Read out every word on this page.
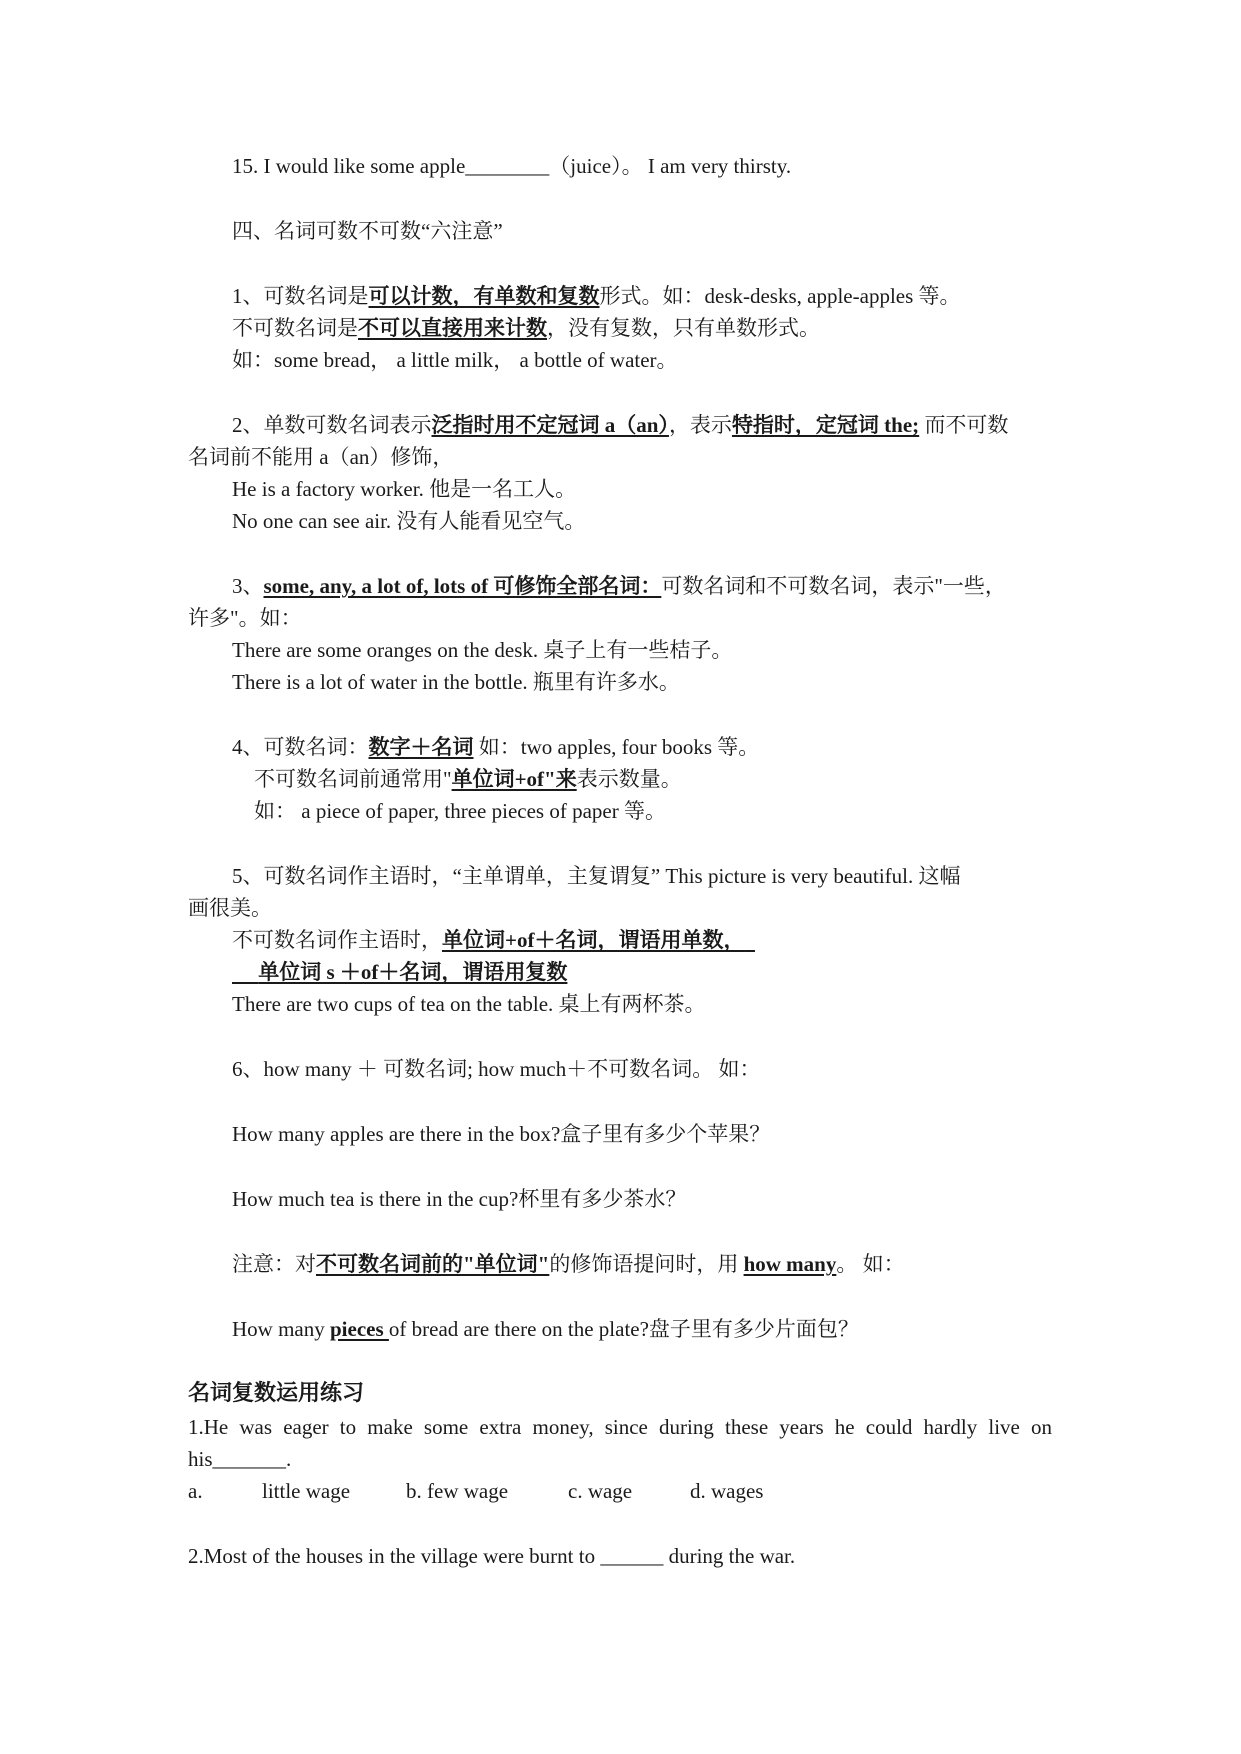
15. I would like some apple________（juice）。 I am very thirsty.
四、名词可数不可数“六注意”
1、可数名词是可以计数，有单数和复数形式。如：desk-desks, apple-apples 等。
不可数名词是不可以直接用来计数，没有复数，只有单数形式。
如：some bread， a little milk， a bottle of water。
2、单数可数名词表示泛指时用不定冠词 a（an），表示特指时，定冠词 the; 而不可数
名词前不能用 a（an）修饰，
He is a factory worker. 他是一名工人。
No one can see air. 没有人能看见空气。
3、some, any, a lot of, lots of 可修饰全部名词：可数名词和不可数名词，表示"一些，
许多"。如：
There are some oranges on the desk. 桌子上有一些桔子。
There is a lot of water in the bottle. 瓶里有许多水。
4、可数名词：数字＋名词 如：two apples, four books 等。
不可数名词前通常用"单位词+of"来表示数量。
如： a piece of paper, three pieces of paper 等。
5、可数名词作主语时，“主单谓单，主复谓复” This picture is very beautiful. 这幅
画很美。
不可数名词作主语时，单位词+of＋名词，谓语用单数，
单位词 s ＋of＋名词，谓语用复数
There are two cups of tea on the table. 桌上有两杯茶。
6、how many ＋ 可数名词; how much＋不可数名词。 如：
How many apples are there in the box?盒子里有多少个苹果？
How much tea is there in the cup?杯里有多少茶水？
注意：对不可数名词前的"单位词"的修饰语提问时，用 how many。 如：
How many pieces of bread are there on the plate?盘子里有多少片面包？
名词复数运用练习
1.He was eager to make some extra money, since during these years he could hardly live on
his_______.
a.	little wage	b. few wage	c. wage	d. wages
2.Most of the houses in the village were burnt to ______ during the war.
